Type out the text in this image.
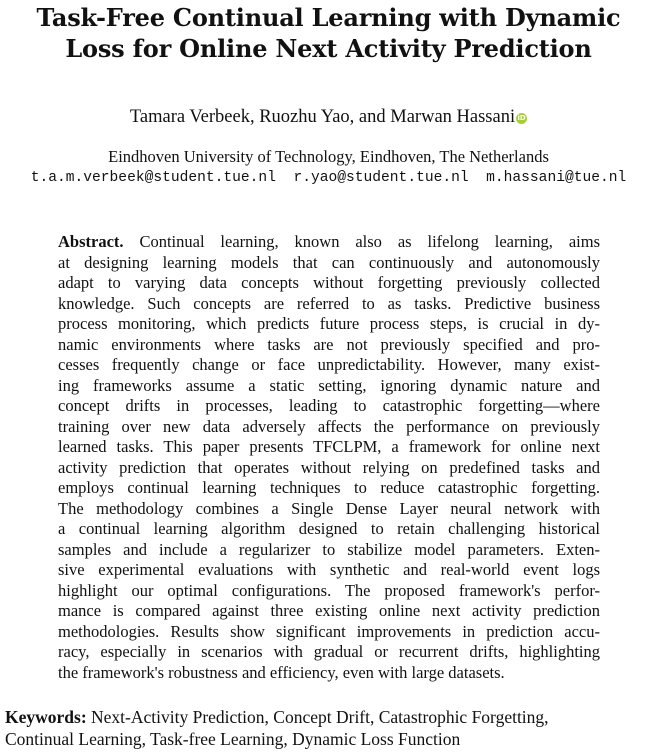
Task-Free Continual Learning with Dynamic
Loss for Online Next Activity Prediction
Tamara Verbeek, Ruozhu Yao, and Marwan Hassani iD
Eindhoven University of Technology, Eindhoven, The Netherlands
t.a.m.verbeek@student.tue.nl r.yao@student.tue.nl m.hassani@tue.nl
Abstract. Continual learning, known also as lifelong learning, aims
at designing learning models that can continuously and autonomously
adapt to varying data concepts without forgetting previously collected
knowledge. Such concepts are referred to as tasks. Predictive business
process monitoring, which predicts future process steps, is crucial in dy-
namic environments where tasks are not previously specified and pro-
cesses frequently change or face unpredictability. However, many exist-
ing frameworks assume a static setting, ignoring dynamic nature and
concept drifts in processes, leading to catastrophic forgetting—where
training over new data adversely affects the performance on previously
learned tasks. This paper presents TFCLPM, a framework for online next
activity prediction that operates without relying on predefined tasks and
employs continual learning techniques to reduce catastrophic forgetting.
The methodology combines a Single Dense Layer neural network with
a continual learning algorithm designed to retain challenging historical
samples and include a regularizer to stabilize model parameters. Exten-
sive experimental evaluations with synthetic and real-world event logs
highlight our optimal configurations. The proposed framework's perfor-
mance is compared against three existing online next activity prediction
methodologies. Results show significant improvements in prediction accu-
racy, especially in scenarios with gradual or recurrent drifts, highlighting
the framework's robustness and efficiency, even with large datasets.
Keywords: Next-Activity Prediction, Concept Drift, Catastrophic Forgetting,
Continual Learning, Task-free Learning, Dynamic Loss Function
